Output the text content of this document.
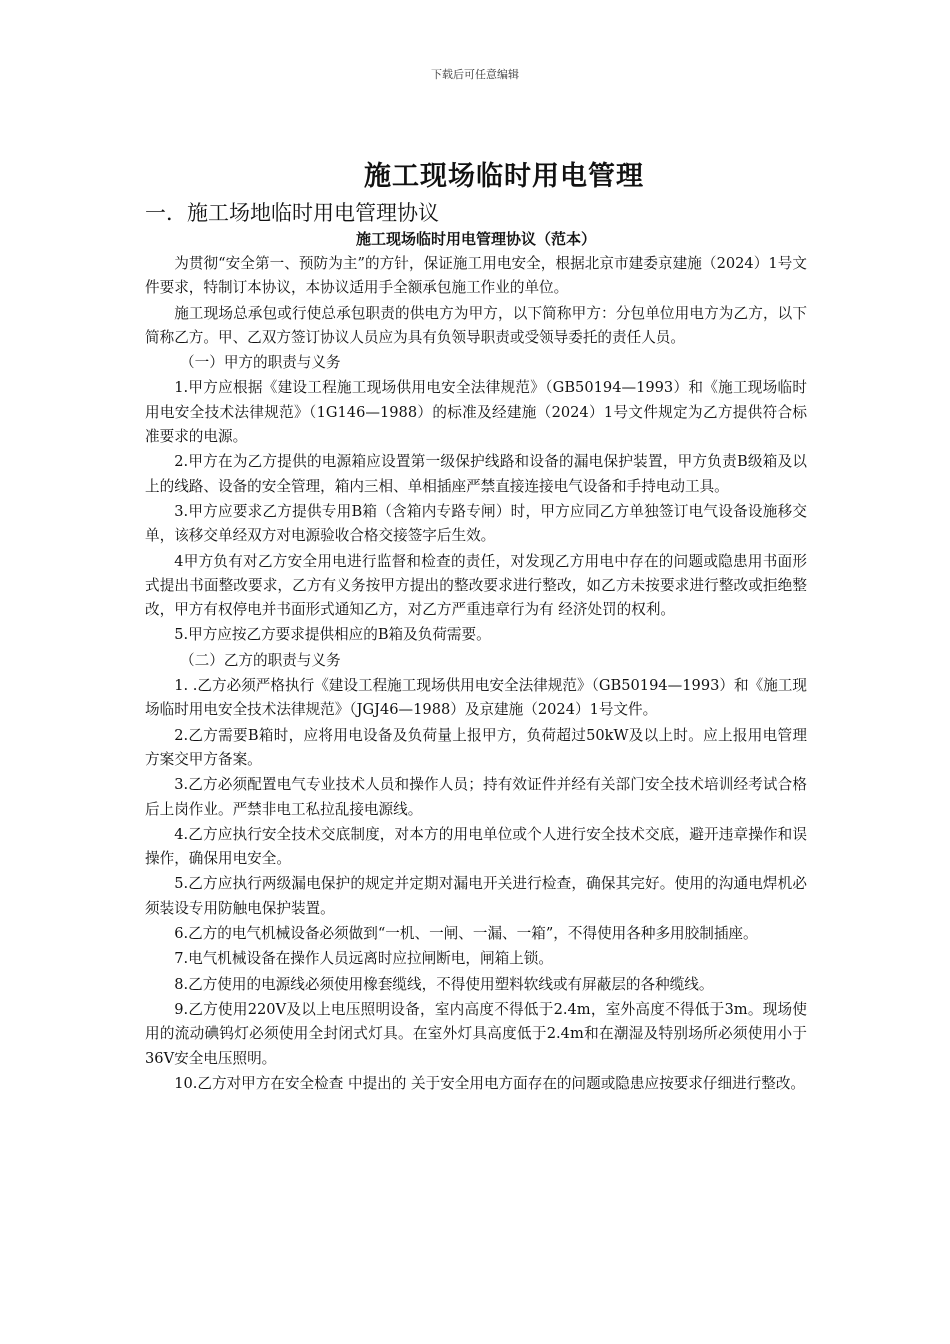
下载后可任意编辑
施工现场临时用电管理
一．施工场地临时用电管理协议
施工现场临时用电管理协议（范本）

为贯彻“安全第一、预防为主”的方针，保证施工用电安全，根据北京市建委京建施（2024）1号文件要求，特制订本协议，本协议适用手全额承包施工作业的单位。

施工现场总承包或行使总承包职责的供电方为甲方，以下简称甲方：分包单位用电方为乙方，以下简称乙方。甲、乙双方签订协议人员应为具有负领导职责或受领导委托的责任人员。

（一）甲方的职责与义务

1.甲方应根据《建设工程施工现场供用电安全法律规范》（GB50194—1993）和《施工现场临时用电安全技术法律规范》（1G146—1988）的标准及经建施（2024）1号文件规定为乙方提供符合标准要求的电源。

2.甲方在为乙方提供的电源箱应设置第一级保护线路和设备的漏电保护装置，甲方负责B级箱及以上的线路、设备的安全管理，箱内三相、单相插座严禁直接连接电气设备和手持电动工具。

3.甲方应要求乙方提供专用B箱（含箱内专路专闸）时，甲方应同乙方单独签订电气设备设施移交单，该移交单经双方对电源验收合格交接签字后生效。

4甲方负有对乙方安全用电进行监督和检查的责任，对发现乙方用电中存在的问题或隐患用书面形式提出书面整改要求，乙方有义务按甲方提出的整改要求进行整改，如乙方未按要求进行整改或拒绝整改，甲方有权停电并书面形式通知乙方，对乙方严重违章行为有 经济处罚的权利。

5.甲方应按乙方要求提供相应的B箱及负荷需要。

（二）乙方的职责与义务

1. .乙方必须严格执行《建设工程施工现场供用电安全法律规范》（GB50194—1993）和《施工现场临时用电安全技术法律规范》（JGJ46—1988）及京建施（2024）1号文件。

2.乙方需要B箱时，应将用电设备及负荷量上报甲方，负荷超过50kW及以上时。应上报用电管理方案交甲方备案。

3.乙方必须配置电气专业技术人员和操作人员；持有效证件并经有关部门安全技术培训经考试合格后上岗作业。严禁非电工私拉乱接电源线。

4.乙方应执行安全技术交底制度，对本方的用电单位或个人进行安全技术交底，避开违章操作和误操作，确保用电安全。

5.乙方应执行两级漏电保护的规定并定期对漏电开关进行检查，确保其完好。使用的沟通电焊机必须装设专用防触电保护装置。

6.乙方的电气机械设备必须做到“一机、一闸、一漏、一箱”，不得使用各种多用胶制插座。

7.电气机械设备在操作人员远离时应拉闸断电，闸箱上锁。

8.乙方使用的电源线必须使用橡套缆线，不得使用塑料软线或有屏蔽层的各种缆线。

9.乙方使用220V及以上电压照明设备，室内高度不得低于2.4m，室外高度不得低于3m。现场使用的流动碘钨灯必须使用全封闭式灯具。在室外灯具高度低于2.4m和在潮湿及特别场所必须使用小于36V安全电压照明。

10.乙方对甲方在安全检查 中提出的 关于安全用电方面存在的问题或隐患应按要求仔细进行整改。
